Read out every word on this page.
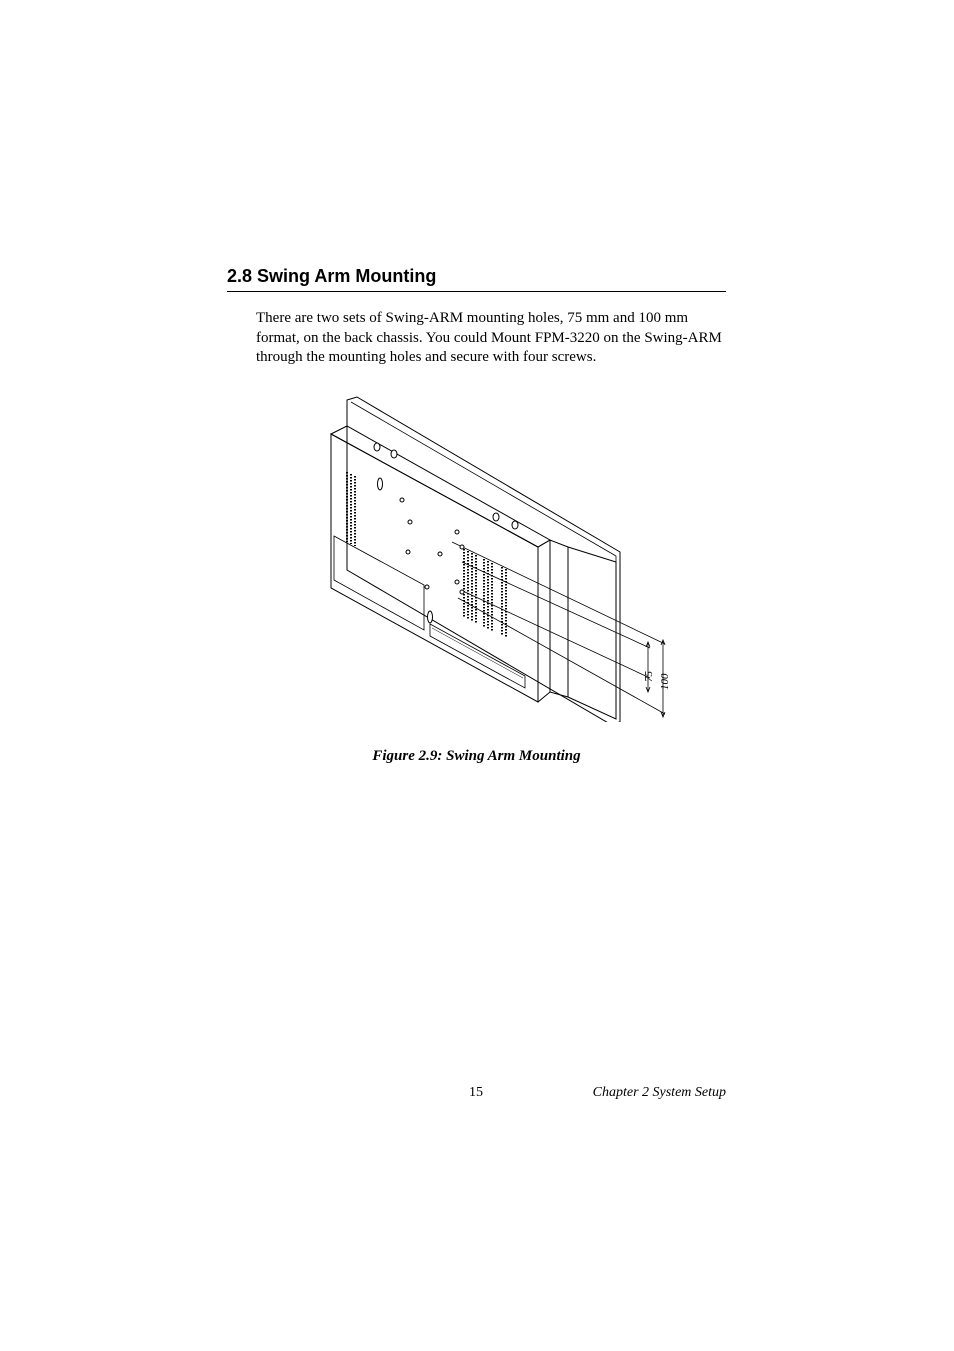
2.8 Swing Arm Mounting
There are two sets of Swing-ARM mounting holes, 75 mm and 100 mm format, on the back chassis. You could Mount FPM-3220 on the Swing-ARM through the mounting holes and secure with four screws.
75 100
Figure 2.9: Swing Arm Mounting
15	Chapter 2 System Setup
